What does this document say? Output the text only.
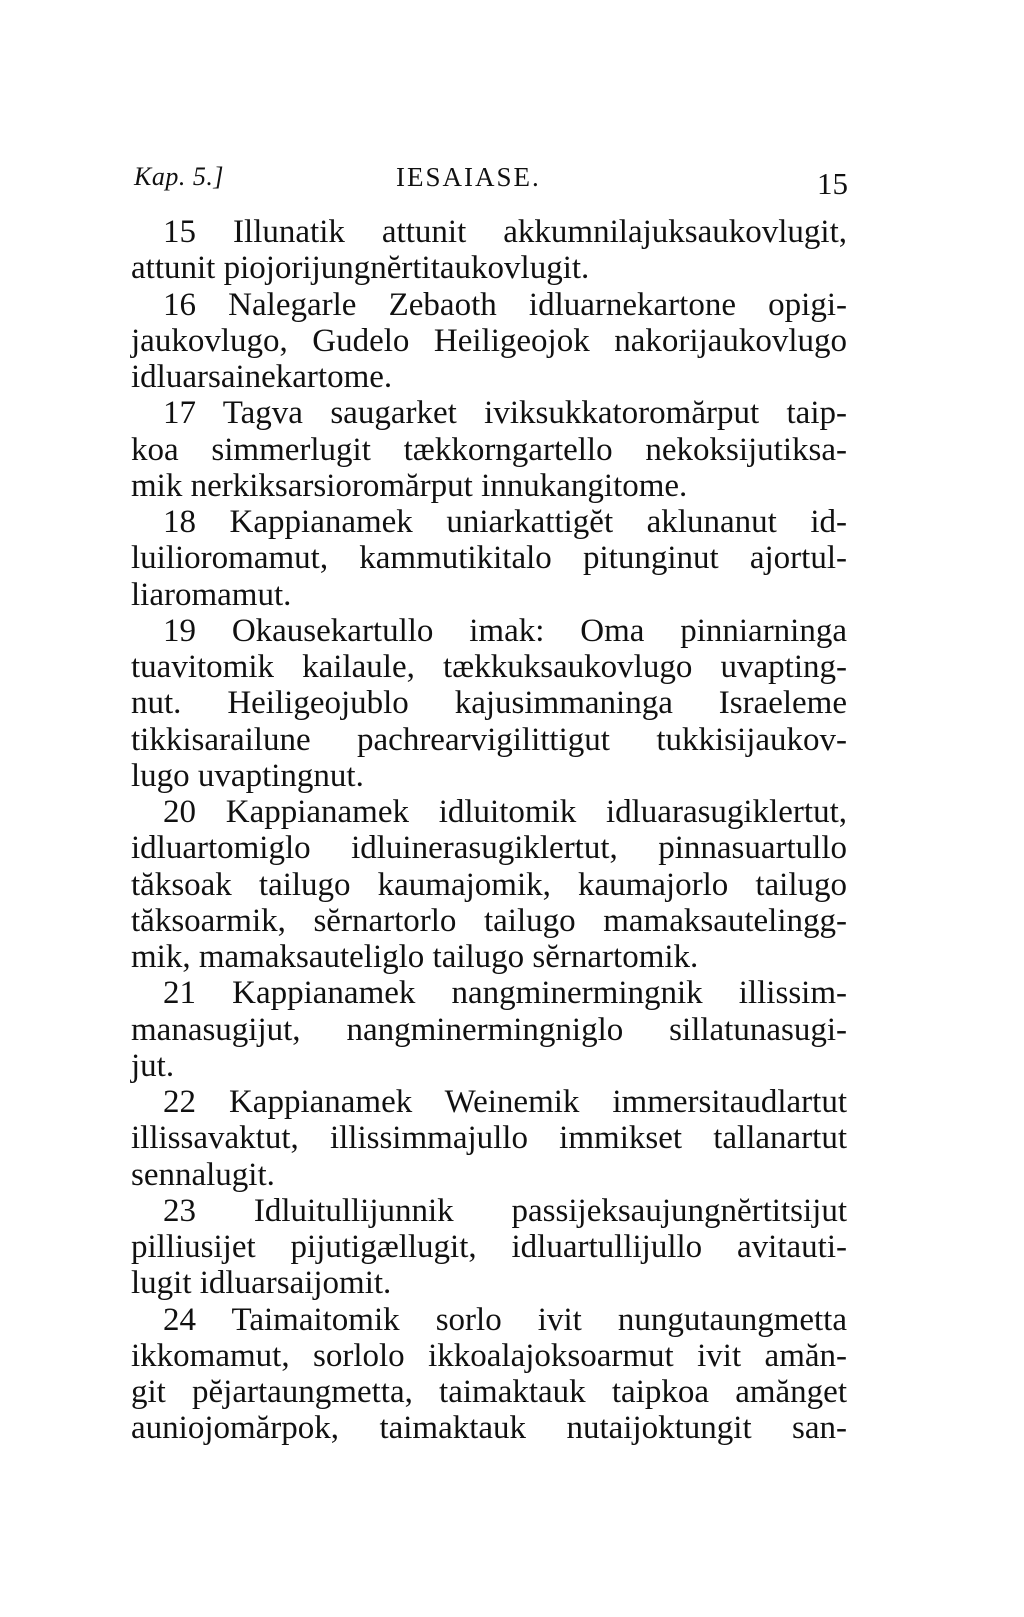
Kap. 5.]	IESAIASE.	15
15 Illunatik attunit akkumnilajuksaukovlugit,
attunit piojorijungnĕrtitaukovlugit.
16 Nalegarle Zebaoth idluarnekartone opigi-
jaukovlugo, Gudelo Heiligeojok nakorijaukovlugo
idluarsainekartome.
17 Tagva saugarket iviksukkatoromărput taip-
koa simmerlugit tækkorngartello nekoksijutiksa-
mik nerkiksarsioromărput innukangitome.
18 Kappianamek uniarkattigĕt aklunanut id-
luilioromamut, kammutikitalo pitunginut ajortul-
liaromamut.
19 Okausekartullo imak: Oma pinniarninga
tuavitomik kailaule, tækkuksaukovlugo uvapting-
nut. Heiligeojublo kajusimmaninga Israeleme
tikkisarailune pachrearvigilittigut tukkisijaukov-
lugo uvaptingnut.
20 Kappianamek idluitomik idluarasugiklertut,
idluartomiglo idluinerasugiklertut, pinnasuartullo
tăksoak tailugo kaumajomik, kaumajorlo tailugo
tăksoarmik, sĕrnartorlo tailugo mamaksautelingg-
mik, mamaksauteliglo tailugo sĕrnartomik.
21 Kappianamek nangminermingnik illissim-
manasugijut, nangminermingniglo sillatunasugi-
jut.
22 Kappianamek Weinemik immersitaudlartut
illissavaktut, illissimmajullo immikset tallanartut
sennalugit.
23 Idluitullijunnik passijeksaujungnĕrtitsijut
pilliusijet pijutigællugit, idluartullijullo avitauti-
lugit idluarsaijomit.
24 Taimaitomik sorlo ivit nungutaungmetta
ikkomamut, sorlolo ikkoalajoksoarmut ivit amăn-
git pĕjartaungmetta, taimaktauk taipkoa amănget
auniojomărpok, taimaktauk nutaijoktungit san-
